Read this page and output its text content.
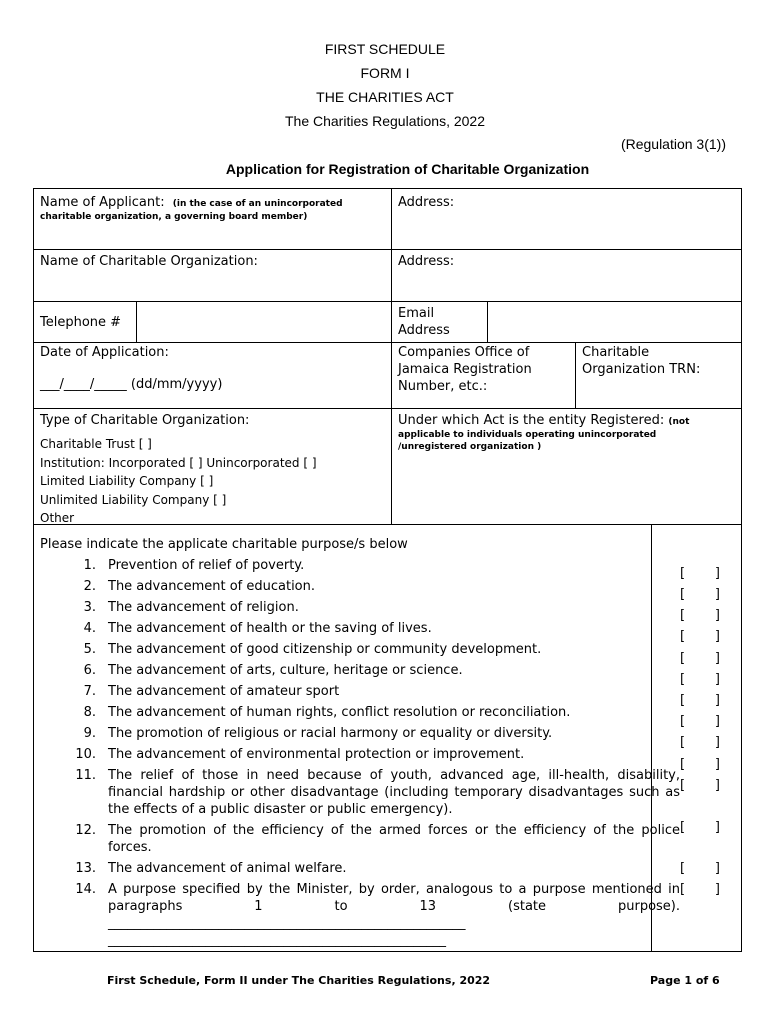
FIRST SCHEDULE
FORM I
THE CHARITIES ACT
The Charities Regulations, 2022
(Regulation 3(1))
Application for Registration of Charitable Organization
Name of Applicant: (in the case of an unincorporated
charitable organization, a governing board member)
Address:
Name of Charitable Organization:	Address:
Telephone #
Email
Address
Date of Application:
___/____/_____ (dd/mm/yyyy)
Companies Office of
Jamaica Registration
Number, etc.:
Charitable
Organization TRN:
Type of Charitable Organization:
Charitable Trust [ ]
Institution: Incorporated [ ] Unincorporated [ ]
Limited Liability Company [ ]
Unlimited Liability Company [ ]
Other ________________________
Under which Act is the entity Registered: (not
applicable to individuals operating unincorporated
/unregistered organization )
Please indicate the applicate charitable purpose/s below
1. Prevention of relief of poverty.
2. The advancement of education.
3. The advancement of religion.
4. The advancement of health or the saving of lives.
5. The advancement of good citizenship or community development.
6. The advancement of arts, culture, heritage or science.
7. The advancement of amateur sport
8. The advancement of human rights, conflict resolution or reconciliation.
9. The promotion of religious or racial harmony or equality or diversity.
10. The advancement of environmental protection or improvement.
11. The relief of those in need because of youth, advanced age, ill-health, disability, financial hardship or other disadvantage (including temporary disadvantages such as the effects of a public disaster or public emergency).
12. The promotion of the efficiency of the armed forces or the efficiency of the police forces.
13. The advancement of animal welfare.
14. A purpose specified by the Minister, by order, analogous to a purpose mentioned in paragraphs 1 to 13 (state purpose).
_______________________________________________________
____________________________________________________
[ ]
[ ]
[ ]
[ ]
[ ]
[ ]
[ ]
[ ]
[ ]
[ ]
[ ]
[ ]
[ ]
[ ]
First Schedule, Form II under The Charities Regulations, 2022	Page 1 of 6
